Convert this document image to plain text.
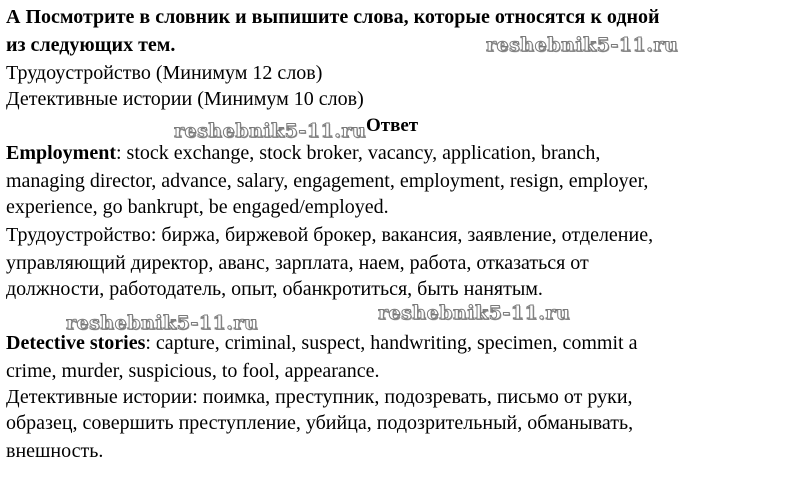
А Посмотрите в словник и выпишите слова, которые относятся к одной
из следующих тем.
Трудоустройство (Минимум 12 слов)
Детективные истории (Минимум 10 слов)
Ответ
Employment: stock exchange, stock broker, vacancy, application, branch,
managing director, advance, salary, engagement, employment, resign, employer,
experience, go bankrupt, be engaged/employed.
Трудоустройство: биржа, биржевой брокер, вакансия, заявление, отделение,
управляющий директор, аванс, зарплата, наем, работа, отказаться от
должности, работодатель, опыт, обанкротиться, быть нанятым.
Detective stories: capture, criminal, suspect, handwriting, specimen, commit a
crime, murder, suspicious, to fool, appearance.
Детективные истории: поимка, преступник, подозревать, письмо от руки,
образец, совершить преступление, убийца, подозрительный, обманывать,
внешность.
reshebnik5-11.ru
reshebnik5-11.ru
reshebnik5-11.ru	reshebnik5-11.ru
